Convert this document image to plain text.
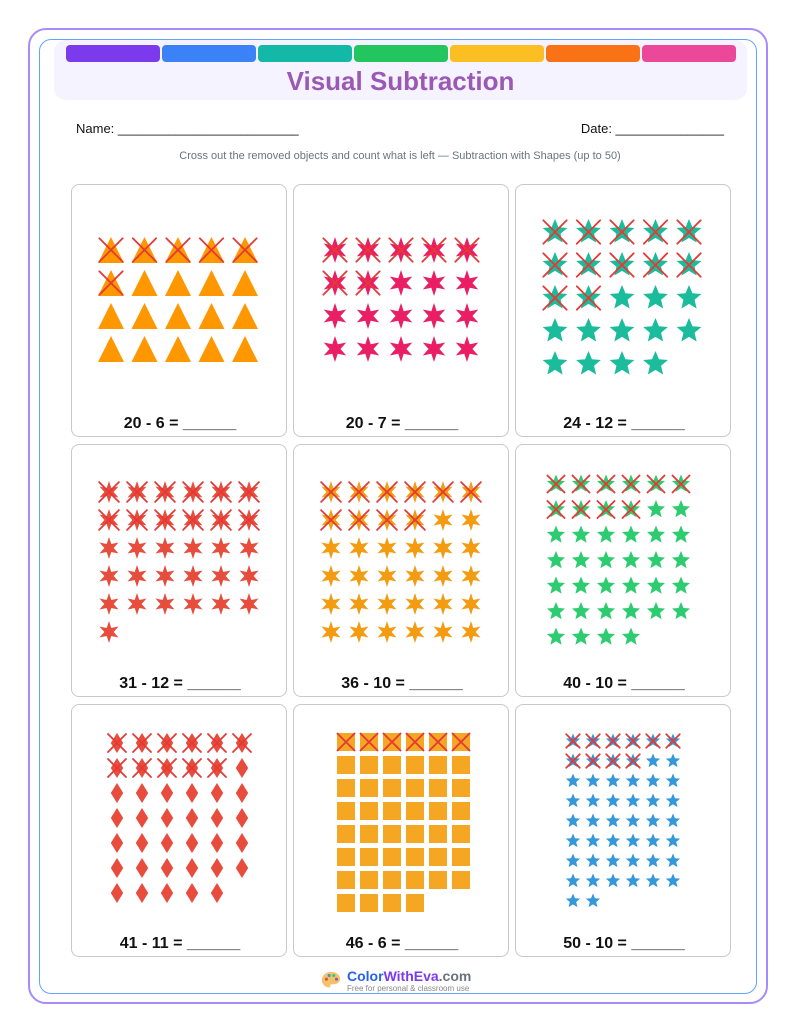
Visual Subtraction
Name: _________________________	Date: _______________
Cross out the removed objects and count what is left — Subtraction with Shapes (up to 50)
20 - 6 = ______	20 - 7 = ______	24 - 12 = ______
31 - 12 = ______	36 - 10 = ______	40 - 10 = ______
41 - 11 = ______	46 - 6 = ______	50 - 10 = ______
ColorWithEva.com
Free for personal & classroom use
